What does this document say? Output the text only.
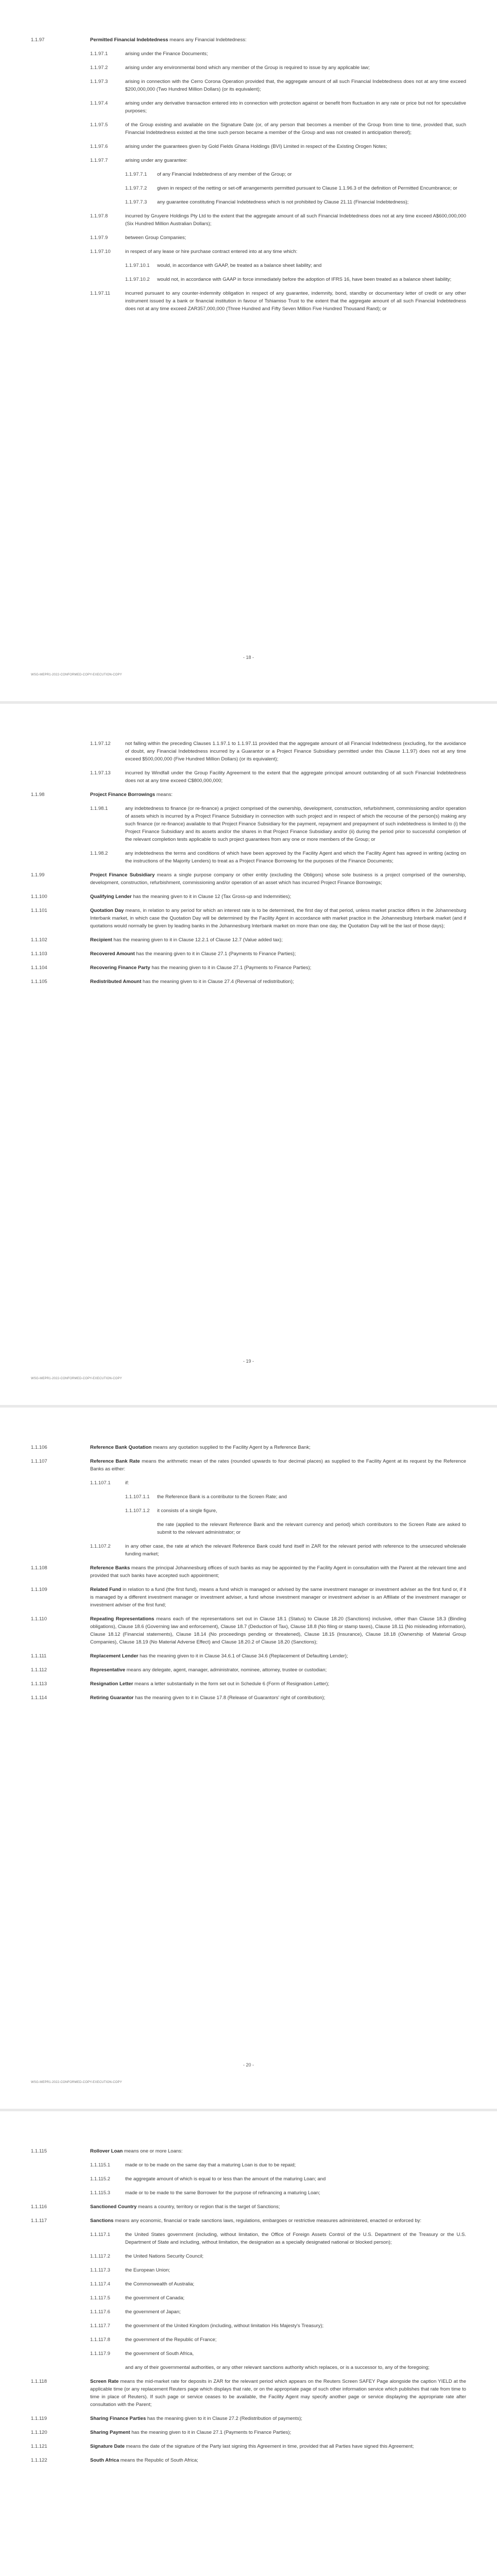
1.1.97	Permitted Financial Indebtedness means any Financial Indebtedness:
1.1.97.1	arising under the Finance Documents;
1.1.97.2	arising under any environmental bond which any member of the Group is required to issue by any applicable law;
1.1.97.3	arising in connection with the Cerro Corona Operation provided that, the aggregate amount of all such Financial Indebtedness does not at any time exceed $200,000,000 (Two Hundred Million Dollars) (or its equivalent);
1.1.97.4	arising under any derivative transaction entered into in connection with protection against or benefit from fluctuation in any rate or price but not for speculative purposes;
1.1.97.5	of the Group existing and available on the Signature Date (or, of any person that becomes a member of the Group from time to time, provided that, such Financial Indebtedness existed at the time such person became a member of the Group and was not created in anticipation thereof);
1.1.97.6	arising under the guarantees given by Gold Fields Ghana Holdings (BVI) Limited in respect of the Existing Orogen Notes;
1.1.97.7	arising under any guarantee:
1.1.97.7.1	of any Financial Indebtedness of any member of the Group; or
1.1.97.7.2	given in respect of the netting or set-off arrangements permitted pursuant to Clause 1.1.96.3 of the definition of Permitted Encumbrance; or
1.1.97.7.3	any guarantee constituting Financial Indebtedness which is not prohibited by Clause 21.11 (Financial Indebtedness);
1.1.97.8	incurred by Gruyere Holdings Pty Ltd to the extent that the aggregate amount of all such Financial Indebtedness does not at any time exceed A$600,000,000 (Six Hundred Million Australian Dollars);
1.1.97.9	between Group Companies;
1.1.97.10	in respect of any lease or hire purchase contract entered into at any time which:
1.1.97.10.1	would, in accordance with GAAP, be treated as a balance sheet liability; and
1.1.97.10.2	would not, in accordance with GAAP in force immediately before the adoption of IFRS 16, have been treated as a balance sheet liability;
1.1.97.11	incurred pursuant to any counter-indemnity obligation in respect of any guarantee, indemnity, bond, standby or documentary letter of credit or any other instrument issued by a bank or financial institution in favour of Tshiamiso Trust to the extent that the aggregate amount of all such Financial Indebtedness does not at any time exceed ZAR357,000,000 (Three Hundred and Fifty Seven Million Five Hundred Thousand Rand); or
- 18 -
WSG-MEPR1-2022-CONFORMED-COPY-EXECUTION-COPY
1.1.97.12	not falling within the preceding Clauses 1.1.97.1 to 1.1.97.11 provided that the aggregate amount of all Financial Indebtedness (excluding, for the avoidance of doubt, any Financial Indebtedness incurred by a Guarantor or a Project Finance Subsidiary permitted under this Clause 1.1.97) does not at any time exceed $500,000,000 (Five Hundred Million Dollars) (or its equivalent);
1.1.97.13	incurred by Windfall under the Group Facility Agreement to the extent that the aggregate principal amount outstanding of all such Financial Indebtedness does not at any time exceed C$800,000,000;
1.1.98	Project Finance Borrowings means:
1.1.98.1	any indebtedness to finance (or re-finance) a project comprised of the ownership, development, construction, refurbishment, commissioning and/or operation of assets which is incurred by a Project Finance Subsidiary in connection with such project and in respect of which the recourse of the person(s) making any such finance (or re-finance) available to that Project Finance Subsidiary for the payment, repayment and prepayment of such indebtedness is limited to (i) the Project Finance Subsidiary and its assets and/or the shares in that Project Finance Subsidiary and/or (ii) during the period prior to successful completion of the relevant completion tests applicable to such project guarantees from any one or more members of the Group; or
1.1.98.2	any indebtedness the terms and conditions of which have been approved by the Facility Agent and which the Facility Agent has agreed in writing (acting on the instructions of the Majority Lenders) to treat as a Project Finance Borrowing for the purposes of the Finance Documents;
1.1.99	Project Finance Subsidiary means a single purpose company or other entity (excluding the Obligors) whose sole business is a project comprised of the ownership, development, construction, refurbishment, commissioning and/or operation of an asset which has incurred Project Finance Borrowings;
1.1.100	Qualifying Lender has the meaning given to it in Clause 12 (Tax Gross-up and Indemnities);
1.1.101	Quotation Day means, in relation to any period for which an interest rate is to be determined, the first day of that period, unless market practice differs in the Johannesburg Interbank market, in which case the Quotation Day will be determined by the Facility Agent in accordance with market practice in the Johannesburg Interbank market (and if quotations would normally be given by leading banks in the Johannesburg Interbank market on more than one day, the Quotation Day will be the last of those days);
1.1.102	Recipient has the meaning given to it in Clause 12.2.1 of Clause 12.7 (Value added tax);
1.1.103	Recovered Amount has the meaning given to it in Clause 27.1 (Payments to Finance Parties);
1.1.104	Recovering Finance Party has the meaning given to it in Clause 27.1 (Payments to Finance Parties);
1.1.105	Redistributed Amount has the meaning given to it in Clause 27.4 (Reversal of redistribution);
- 19 -
WSG-MEPR1-2022-CONFORMED-COPY-EXECUTION-COPY
1.1.106	Reference Bank Quotation means any quotation supplied to the Facility Agent by a Reference Bank;
1.1.107	Reference Bank Rate means the arithmetic mean of the rates (rounded upwards to four decimal places) as supplied to the Facility Agent at its request by the Reference Banks as either:
1.1.107.1	if:
1.1.107.1.1	the Reference Bank is a contributor to the Screen Rate; and
1.1.107.1.2	it consists of a single figure,
the rate (applied to the relevant Reference Bank and the relevant currency and period) which contributors to the Screen Rate are asked to submit to the relevant administrator; or
1.1.107.2	in any other case, the rate at which the relevant Reference Bank could fund itself in ZAR for the relevant period with reference to the unsecured wholesale funding market;
1.1.108	Reference Banks means the principal Johannesburg offices of such banks as may be appointed by the Facility Agent in consultation with the Parent at the relevant time and provided that such banks have accepted such appointment;
1.1.109	Related Fund in relation to a fund (the first fund), means a fund which is managed or advised by the same investment manager or investment adviser as the first fund or, if it is managed by a different investment manager or investment adviser, a fund whose investment manager or investment adviser is an Affiliate of the investment manager or investment adviser of the first fund;
1.1.110	Repeating Representations means each of the representations set out in Clause 18.1 (Status) to Clause 18.20 (Sanctions) inclusive, other than Clause 18.3 (Binding obligations), Clause 18.6 (Governing law and enforcement), Clause 18.7 (Deduction of Tax), Clause 18.8 (No filing or stamp taxes), Clause 18.11 (No misleading information), Clause 18.12 (Financial statements), Clause 18.14 (No proceedings pending or threatened), Clause 18.15 (Insurance), Clause 18.18 (Ownership of Material Group Companies), Clause 18.19 (No Material Adverse Effect) and Clause 18.20.2 of Clause 18.20 (Sanctions);
1.1.111	Replacement Lender has the meaning given to it in Clause 34.6.1 of Clause 34.6 (Replacement of Defaulting Lender);
1.1.112	Representative means any delegate, agent, manager, administrator, nominee, attorney, trustee or custodian;
1.1.113	Resignation Letter means a letter substantially in the form set out in Schedule 6 (Form of Resignation Letter);
1.1.114	Retiring Guarantor has the meaning given to it in Clause 17.8 (Release of Guarantors' right of contribution);
- 20 -
WSG-MEPR1-2022-CONFORMED-COPY-EXECUTION-COPY
1.1.115	Rollover Loan means one or more Loans:
1.1.115.1	made or to be made on the same day that a maturing Loan is due to be repaid;
1.1.115.2	the aggregate amount of which is equal to or less than the amount of the maturing Loan; and
1.1.115.3	made or to be made to the same Borrower for the purpose of refinancing a maturing Loan;
1.1.116	Sanctioned Country means a country, territory or region that is the target of Sanctions;
1.1.117	Sanctions means any economic, financial or trade sanctions laws, regulations, embargoes or restrictive measures administered, enacted or enforced by:
1.1.117.1	the United States government (including, without limitation, the Office of Foreign Assets Control of the U.S. Department of the Treasury or the U.S. Department of State and including, without limitation, the designation as a specially designated national or blocked person);
1.1.117.2	the United Nations Security Council;
1.1.117.3	the European Union;
1.1.117.4	the Commonwealth of Australia;
1.1.117.5	the government of Canada;
1.1.117.6	the government of Japan;
1.1.117.7	the government of the United Kingdom (including, without limitation His Majesty's Treasury);
1.1.117.8	the government of the Republic of France;
1.1.117.9	the government of South Africa,
and any of their governmental authorities, or any other relevant sanctions authority which replaces, or is a successor to, any of the foregoing;
1.1.118	Screen Rate means the mid-market rate for deposits in ZAR for the relevant period which appears on the Reuters Screen SAFEY Page alongside the caption YIELD at the applicable time (or any replacement Reuters page which displays that rate, or on the appropriate page of such other information service which publishes that rate from time to time in place of Reuters). If such page or service ceases to be available, the Facility Agent may specify another page or service displaying the appropriate rate after consultation with the Parent;
1.1.119	Sharing Finance Parties has the meaning given to it in Clause 27.2 (Redistribution of payments);
1.1.120	Sharing Payment has the meaning given to it in Clause 27.1 (Payments to Finance Parties);
1.1.121	Signature Date means the date of the signature of the Party last signing this Agreement in time, provided that all Parties have signed this Agreement;
1.1.122	South Africa means the Republic of South Africa;
